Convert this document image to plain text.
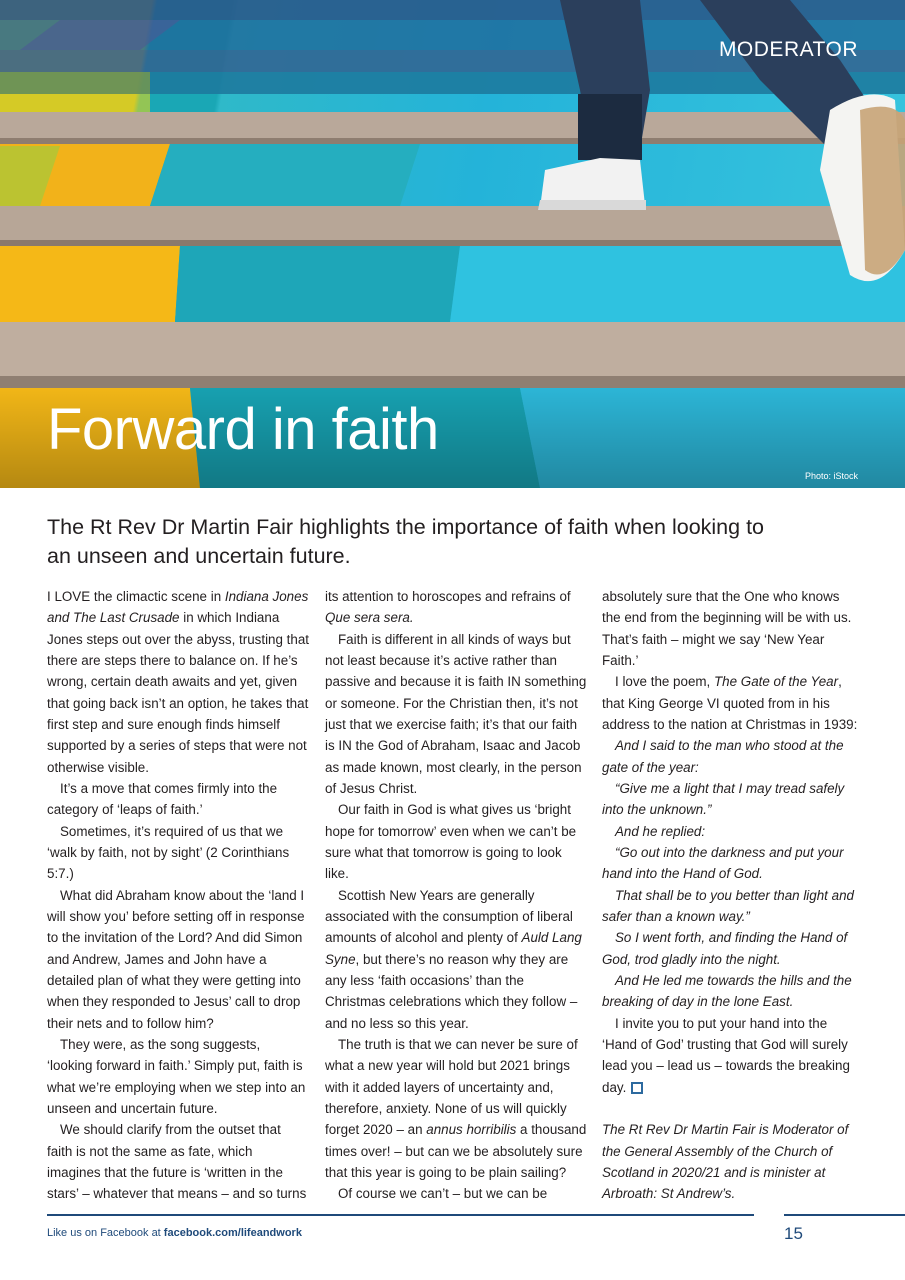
MODERATOR
Forward in faith
Photo: iStock

The Rt Rev Dr Martin Fair highlights the importance of faith when looking to an unseen and uncertain future.

I LOVE the climactic scene in Indiana Jones and The Last Crusade in which Indiana Jones steps out over the abyss, trusting that there are steps there to balance on. If he’s wrong, certain death awaits and yet, given that going back isn’t an option, he takes that first step and sure enough finds himself supported by a series of steps that were not otherwise visible.

It’s a move that comes firmly into the category of ‘leaps of faith.’

Sometimes, it’s required of us that we ‘walk by faith, not by sight’ (2 Corinthians 5:7.)

What did Abraham know about the ‘land I will show you’ before setting off in response to the invitation of the Lord? And did Simon and Andrew, James and John have a detailed plan of what they were getting into when they responded to Jesus’ call to drop their nets and to follow him?

They were, as the song suggests, ‘looking forward in faith.’ Simply put, faith is what we’re employing when we step into an unseen and uncertain future.

We should clarify from the outset that faith is not the same as fate, which imagines that the future is ‘written in the stars’ – whatever that means – and so turns

its attention to horoscopes and refrains of Que sera sera.

Faith is different in all kinds of ways but not least because it’s active rather than passive and because it is faith IN something or someone. For the Christian then, it’s not just that we exercise faith; it’s that our faith is IN the God of Abraham, Isaac and Jacob as made known, most clearly, in the person of Jesus Christ.

Our faith in God is what gives us ‘bright hope for tomorrow’ even when we can’t be sure what that tomorrow is going to look like.

Scottish New Years are generally associated with the consumption of liberal amounts of alcohol and plenty of Auld Lang Syne, but there’s no reason why they are any less ‘faith occasions’ than the Christmas celebrations which they follow – and no less so this year.

The truth is that we can never be sure of what a new year will hold but 2021 brings with it added layers of uncertainty and, therefore, anxiety. None of us will quickly forget 2020 – an annus horribilis a thousand times over! – but can we be absolutely sure that this year is going to be plain sailing?

Of course we can’t – but we can be

absolutely sure that the One who knows the end from the beginning will be with us. That’s faith – might we say ‘New Year Faith.’

I love the poem, The Gate of the Year, that King George VI quoted from in his address to the nation at Christmas in 1939:

And I said to the man who stood at the gate of the year:

“Give me a light that I may tread safely into the unknown.”

And he replied:

“Go out into the darkness and put your hand into the Hand of God.

That shall be to you better than light and safer than a known way.”

So I went forth, and finding the Hand of God, trod gladly into the night.

And He led me towards the hills and the breaking of day in the lone East.

I invite you to put your hand into the ‘Hand of God’ trusting that God will surely lead you – lead us – towards the breaking day.

The Rt Rev Dr Martin Fair is Moderator of the General Assembly of the Church of Scotland in 2020/21 and is minister at Arbroath: St Andrew’s.

Like us on Facebook at facebook.com/lifeandwork	15
